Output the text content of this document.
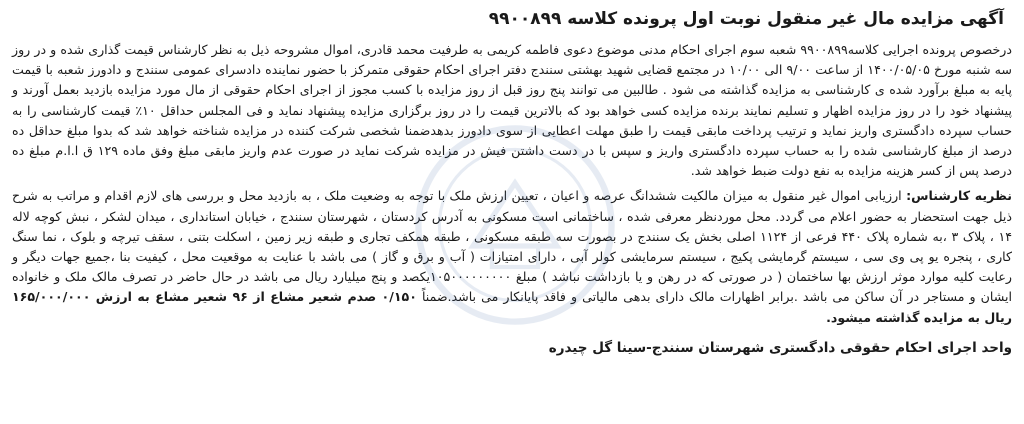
آگهی مزایده مال غیر منقول نوبت اول پرونده کلاسه ۹۹۰۰۸۹۹

درخصوص پرونده اجرایی کلاسه۹۹۰۰۸۹۹ شعبه سوم اجرای احکام مدنی موضوع دعوی فاطمه کریمی به طرفیت محمد قادری، اموال مشروحه ذیل به نظر کارشناس قیمت گذاری شده و در روز سه شنبه مورخ ۱۴۰۰/۰۵/۰۵ از ساعت ۹/۰۰ الی ۱۰/۰۰ در مجتمع قضایی شهید بهشتی سنندج دفتر اجرای احکام حقوقی متمرکز با حضور نماینده دادسرای عمومی سنندج و دادورز شعبه با قیمت پایه به مبلغ برآورد شده ی کارشناسی به مزایده گذاشته می شود . طالبین می توانند پنج روز قبل از روز مزایده با کسب مجوز از اجرای احکام حقوقی از مال مورد مزایده بازدید بعمل آورند و پیشنهاد خود را در روز مزایده اظهار و تسلیم نمایند برنده مزایده کسی خواهد بود که بالاترین قیمت را در روز برگزاری مزایده پیشنهاد نماید و فی المجلس حداقل ۱۰٪ قیمت کارشناسی را به حساب سپرده دادگستری واریز نماید و ترتیب پرداخت مابقی قیمت را طبق مهلت اعطایی از سوی دادورز بدهدضمنا شخصی شرکت کننده در مزایده شناخته خواهد شد که بدوا مبلغ حداقل ده درصد از مبلغ کارشناسی شده را به حساب سپرده دادگستری واریز و سپس با در دست داشتن فیش در مزایده شرکت نماید در صورت عدم واریز مابقی مبلغ وفق ماده ۱۲۹ ق ا.ا.م مبلغ ده درصد پس از کسر هزینه مزایده به نفع دولت ضبط خواهد شد.

نظریه کارشناس: ارزیابی اموال غیر منقول به میزان مالکیت ششدانگ عرصه و اعیان ، تعیین ارزش ملک با توجه به وضعیت ملک ، به بازدید محل و بررسی های لازم اقدام و مراتب به شرح ذیل جهت استحضار به حضور اعلام می گردد. محل موردنظر معرفی شده ، ساختمانی است مسکونی به آدرس کردستان ، شهرستان سنندج ، خیابان استانداری ، میدان لشکر ، نبش کوچه لاله ۱۴ ، پلاک ۳ ،به شماره پلاک ۴۴۰ فرعی از ۱۱۲۴ اصلی بخش یک سنندج در بصورت سه طبقه مسکونی ، طبقه همکف تجاری و طبقه زیر زمین ، اسکلت بتنی ، سقف تیرچه و بلوک ، نما سنگ کاری ، پنجره یو پی وی سی ، سیستم گرمایشی پکیج ، سیستم سرمایشی کولر آبی ، دارای امتیازات ( آب و برق و گاز ) می باشد با عنایت به موقعیت محل ، کیفیت بنا ،جمیع جهات دیگر و رعایت کلیه موارد موثر ارزش بها ساختمان ( در صورتی که در رهن و یا بازداشت نباشد ) مبلغ ۱۰۵۰۰۰۰۰۰۰۰۰یکصد و پنج میلیارد ریال می باشد در حال حاضر در تصرف مالک ملک و خانواده ایشان و مستاجر در آن ساکن می باشد .برابر اظهارات مالک دارای بدهی مالیاتی و فاقد پایانکار می باشد.ضمناً ۰/۱۵۰ صدم شعیر مشاع از ۹۶ شعیر مشاع به ارزش ۱۶۵/۰۰۰/۰۰۰ ریال به مزایده گذاشته میشود.

واحد اجرای احکام حقوقی دادگستری شهرستان سنندج-سینا گل چیدره
